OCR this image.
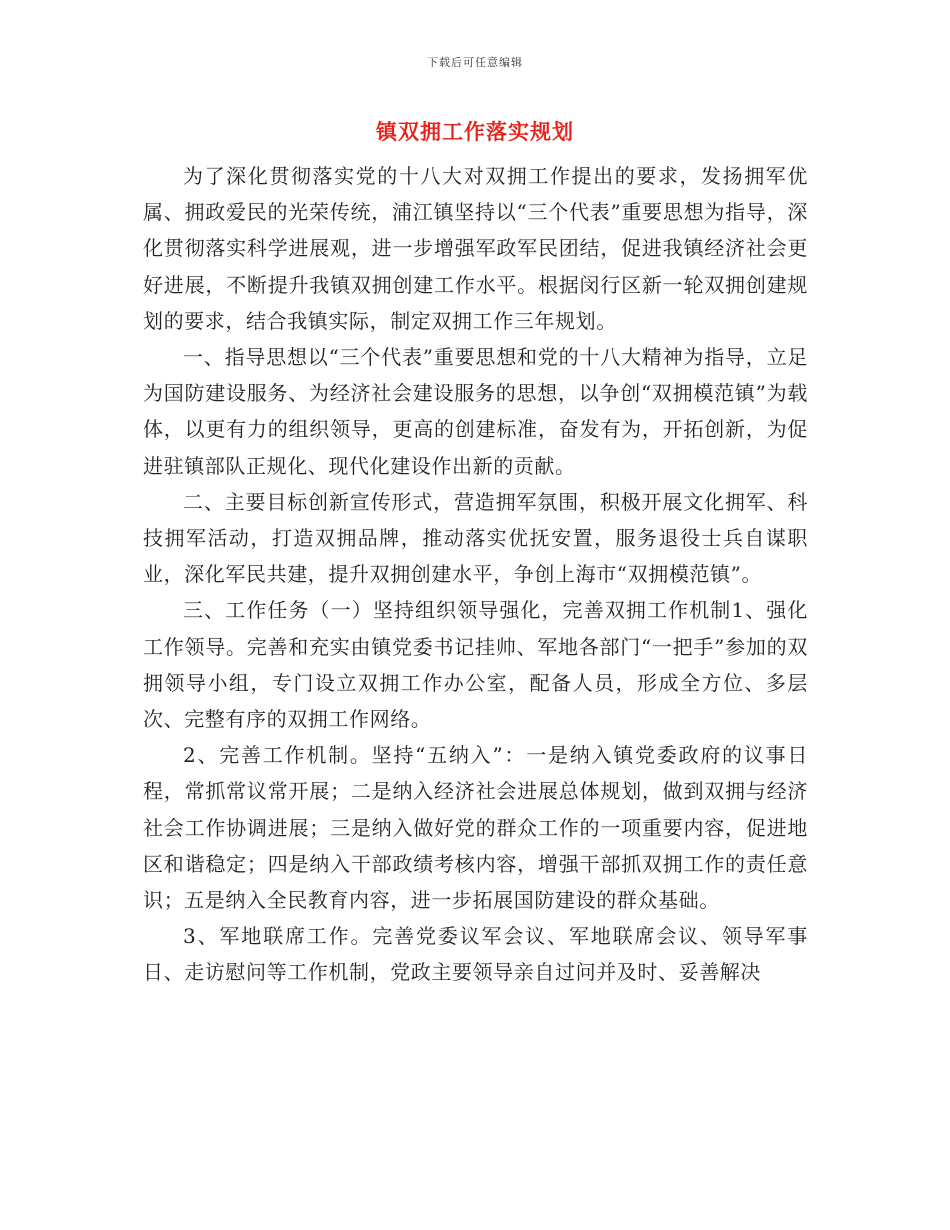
下载后可任意编辑
镇双拥工作落实规划

为了深化贯彻落实党的十八大对双拥工作提出的要求，发扬拥军优属、拥政爱民的光荣传统，浦江镇坚持以“三个代表”重要思想为指导，深化贯彻落实科学进展观，进一步增强军政军民团结，促进我镇经济社会更好进展，不断提升我镇双拥创建工作水平。根据闵行区新一轮双拥创建规划的要求，结合我镇实际，制定双拥工作三年规划。

一、指导思想以“三个代表”重要思想和党的十八大精神为指导，立足为国防建设服务、为经济社会建设服务的思想，以争创“双拥模范镇”为载体，以更有力的组织领导，更高的创建标准，奋发有为，开拓创新，为促进驻镇部队正规化、现代化建设作出新的贡献。

二、主要目标创新宣传形式，营造拥军氛围，积极开展文化拥军、科技拥军活动，打造双拥品牌，推动落实优抚安置，服务退役士兵自谋职业，深化军民共建，提升双拥创建水平，争创上海市“双拥模范镇”。

三、工作任务（一）坚持组织领导强化，完善双拥工作机制1、强化工作领导。完善和充实由镇党委书记挂帅、军地各部门“一把手”参加的双拥领导小组，专门设立双拥工作办公室，配备人员，形成全方位、多层次、完整有序的双拥工作网络。

2、完善工作机制。坚持“五纳入”：一是纳入镇党委政府的议事日程，常抓常议常开展；二是纳入经济社会进展总体规划，做到双拥与经济社会工作协调进展；三是纳入做好党的群众工作的一项重要内容，促进地区和谐稳定；四是纳入干部政绩考核内容，增强干部抓双拥工作的责任意识；五是纳入全民教育内容，进一步拓展国防建设的群众基础。

3、军地联席工作。完善党委议军会议、军地联席会议、领导军事日、走访慰问等工作机制，党政主要领导亲自过问并及时、妥善解决
